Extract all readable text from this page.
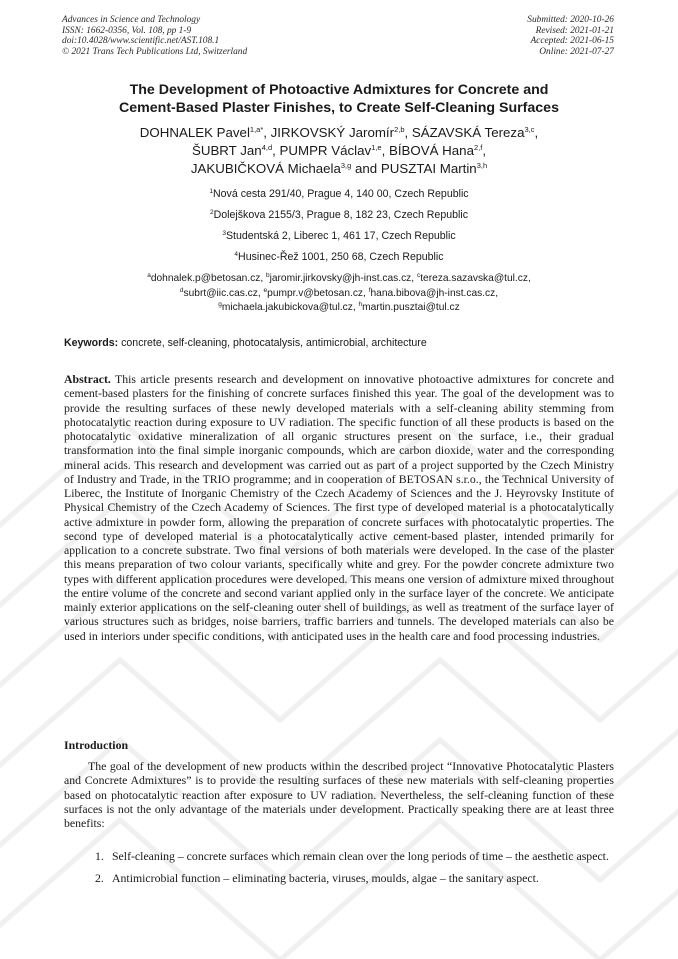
Advances in Science and Technology
ISSN: 1662-0356, Vol. 108, pp 1-9
doi:10.4028/www.scientific.net/AST.108.1
© 2021 Trans Tech Publications Ltd, Switzerland
Submitted: 2020-10-26
Revised: 2021-01-21
Accepted: 2021-06-15
Online: 2021-07-27
The Development of Photoactive Admixtures for Concrete and
Cement-Based Plaster Finishes, to Create Self-Cleaning Surfaces
DOHNALEK Pavel$^{1,a*}$, JIRKOVSKÝ Jaromír$^{2,b}$, SÁZAVSKÁ Tereza$^{3,c}$,
ŠUBRT Jan$^{4,d}$, PUMPR Václav$^{1,e}$, BÍBOVÁ Hana$^{2,f}$,
JAKUBIČKOVÁ Michaela$^{3,g}$ and PUSZTAI Martin$^{3,h}$
$^1$Nová cesta 291/40, Prague 4, 140 00, Czech Republic
$^2$Dolejškova 2155/3, Prague 8, 182 23, Czech Republic
$^3$Studentská 2, Liberec 1, 461 17, Czech Republic
$^4$Husinec-Řež 1001, 250 68, Czech Republic
$^a$dohnalek.p@betosan.cz, $^b$jaromir.jirkovsky@jh-inst.cas.cz, $^c$tereza.sazavska@tul.cz,
$^d$subrt@iic.cas.cz, $^e$pumpr.v@betosan.cz, $^f$hana.bibova@jh-inst.cas.cz,
$^g$michaela.jakubickova@tul.cz, $^h$martin.pusztai@tul.cz
Keywords: concrete, self-cleaning, photocatalysis, antimicrobial, architecture
Abstract. This article presents research and development on innovative photoactive admixtures for concrete and cement-based plasters for the finishing of concrete surfaces finished this year. The goal of the development was to provide the resulting surfaces of these newly developed materials with a self-cleaning ability stemming from photocatalytic reaction during exposure to UV radiation. The specific function of all these products is based on the photocatalytic oxidative mineralization of all organic structures present on the surface, i.e., their gradual transformation into the final simple inorganic compounds, which are carbon dioxide, water and the corresponding mineral acids. This research and development was carried out as part of a project supported by the Czech Ministry of Industry and Trade, in the TRIO programme; and in cooperation of BETOSAN s.r.o., the Technical University of Liberec, the Institute of Inorganic Chemistry of the Czech Academy of Sciences and the J. Heyrovsky Institute of Physical Chemistry of the Czech Academy of Sciences. The first type of developed material is a photocatalytically active admixture in powder form, allowing the preparation of concrete surfaces with photocatalytic properties. The second type of developed material is a photocatalytically active cement-based plaster, intended primarily for application to a concrete substrate. Two final versions of both materials were developed. In the case of the plaster this means preparation of two colour variants, specifically white and grey. For the powder concrete admixture two types with different application procedures were developed. This means one version of admixture mixed throughout the entire volume of the concrete and second variant applied only in the surface layer of the concrete. We anticipate mainly exterior applications on the self-cleaning outer shell of buildings, as well as treatment of the surface layer of various structures such as bridges, noise barriers, traffic barriers and tunnels. The developed materials can also be used in interiors under specific conditions, with anticipated uses in the health care and food processing industries.
Introduction
The goal of the development of new products within the described project “Innovative Photocatalytic Plasters and Concrete Admixtures” is to provide the resulting surfaces of these new materials with self-cleaning properties based on photocatalytic reaction after exposure to UV radiation. Nevertheless, the self-cleaning function of these surfaces is not the only advantage of the materials under development. Practically speaking there are at least three benefits:
1. Self-cleaning – concrete surfaces which remain clean over the long periods of time – the aesthetic aspect.
2. Antimicrobial function – eliminating bacteria, viruses, moulds, algae – the sanitary aspect.
